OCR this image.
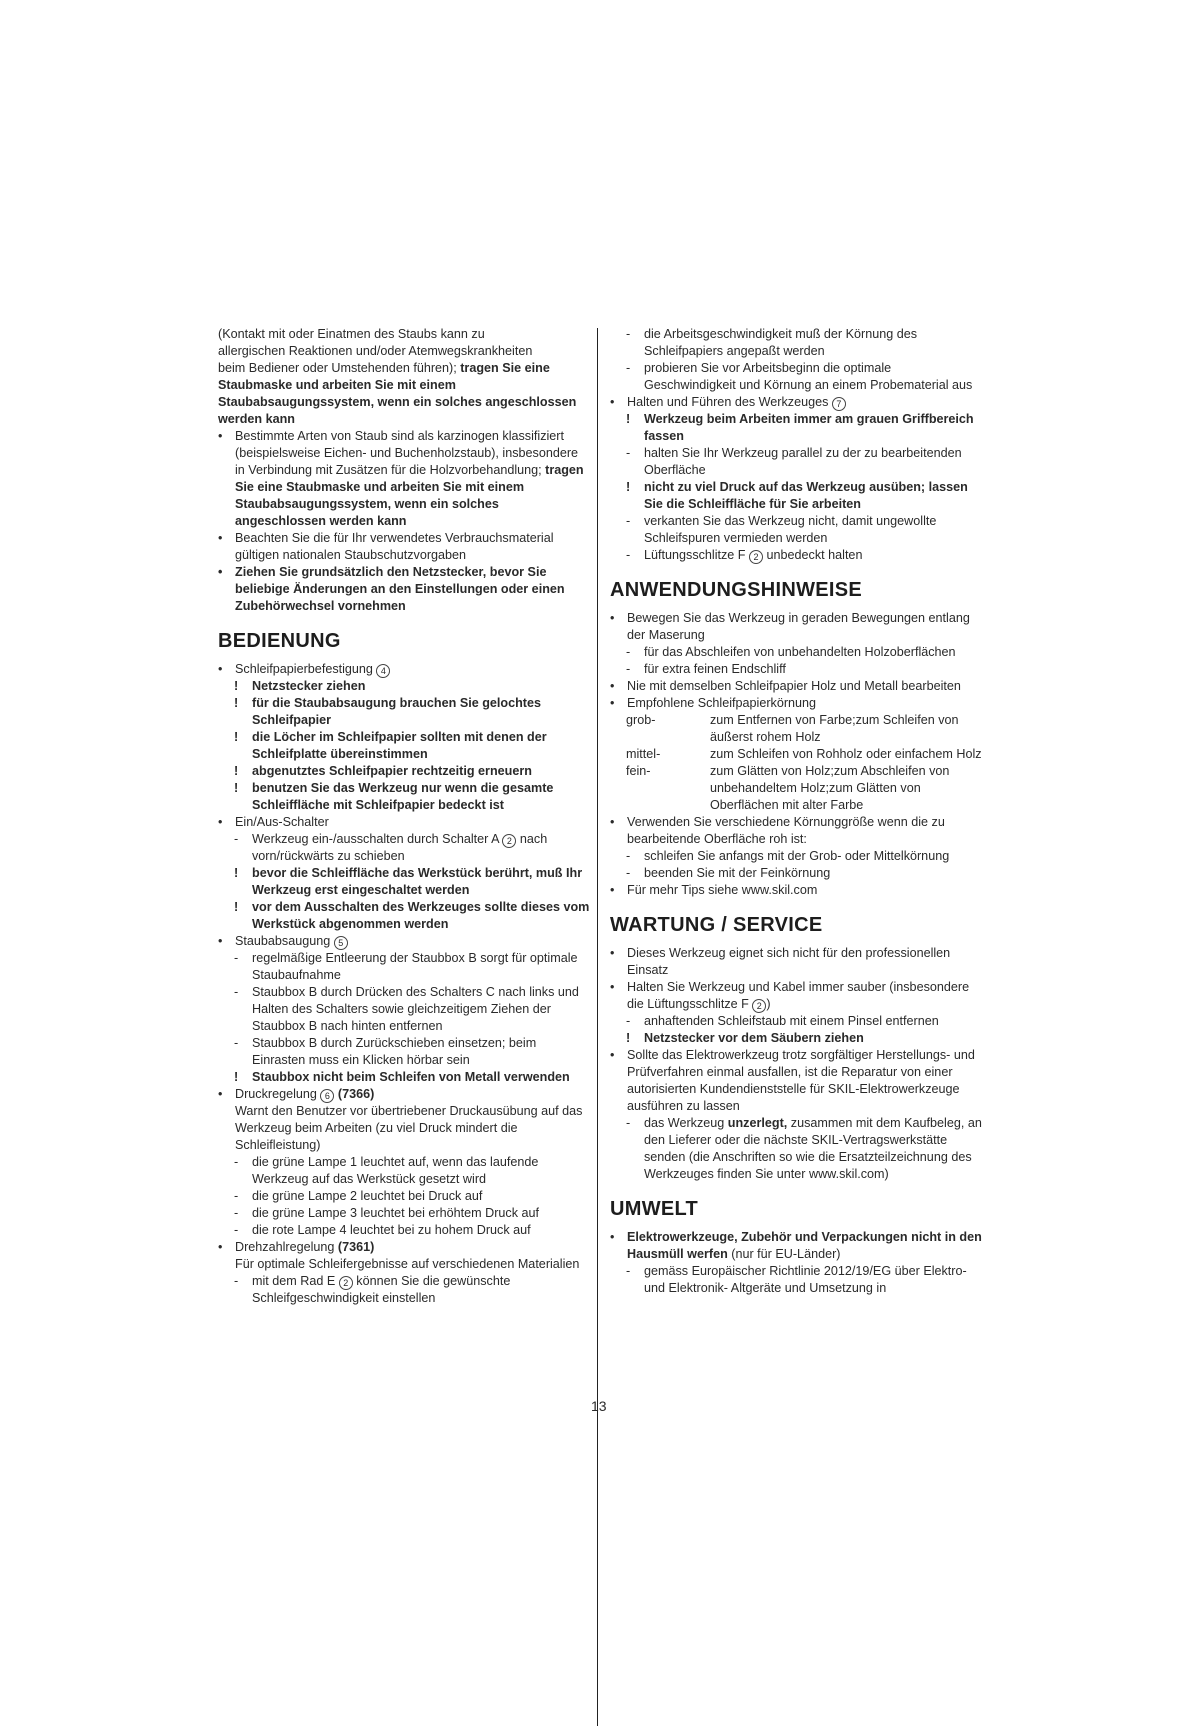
(Kontakt mit oder Einatmen des Staubs kann zu
allergischen Reaktionen und/oder Atemwegskrankheiten
beim Bediener oder Umstehenden führen); tragen Sie eine Staubmaske und arbeiten Sie mit einem Staubabsaugungssystem, wenn ein solches angeschlossen werden kann
• Bestimmte Arten von Staub sind als karzinogen klassifiziert (beispielsweise Eichen- und Buchenholzstaub), insbesondere in Verbindung mit Zusätzen für die Holzvorbehandlung; tragen Sie eine Staubmaske und arbeiten Sie mit einem Staubabsaugungssystem, wenn ein solches angeschlossen werden kann
• Beachten Sie die für Ihr verwendetes Verbrauchsmaterial gültigen nationalen Staubschutzvorgaben
• Ziehen Sie grundsätzlich den Netzstecker, bevor Sie beliebige Änderungen an den Einstellungen oder einen Zubehörwechsel vornehmen
BEDIENUNG
• Schleifpapierbefestigung 4
! Netzstecker ziehen
! für die Staubabsaugung brauchen Sie gelochtes Schleifpapier
! die Löcher im Schleifpapier sollten mit denen der Schleifplatte übereinstimmen
! abgenutztes Schleifpapier rechtzeitig erneuern
! benutzen Sie das Werkzeug nur wenn die gesamte Schleiffläche mit Schleifpapier bedeckt ist
• Ein/Aus-Schalter
- Werkzeug ein-/ausschalten durch Schalter A 2 nach vorn/rückwärts zu schieben
! bevor die Schleiffläche das Werkstück berührt, muß Ihr Werkzeug erst eingeschaltet werden
! vor dem Ausschalten des Werkzeuges sollte dieses vom Werkstück abgenommen werden
• Staubabsaugung 5
- regelmäßige Entleerung der Staubbox B sorgt für optimale Staubaufnahme
- Staubbox B durch Drücken des Schalters C nach links und Halten des Schalters sowie gleichzeitigem Ziehen der Staubbox B nach hinten entfernen
- Staubbox B durch Zurückschieben einsetzen; beim Einrasten muss ein Klicken hörbar sein
! Staubbox nicht beim Schleifen von Metall verwenden
• Druckregelung 6 (7366)
Warnt den Benutzer vor übertriebener Druckausübung auf das Werkzeug beim Arbeiten (zu viel Druck mindert die Schleifleistung)
- die grüne Lampe 1 leuchtet auf, wenn das laufende Werkzeug auf das Werkstück gesetzt wird
- die grüne Lampe 2 leuchtet bei Druck auf
- die grüne Lampe 3 leuchtet bei erhöhtem Druck auf
- die rote Lampe 4 leuchtet bei zu hohem Druck auf
• Drehzahlregelung (7361)
Für optimale Schleifergebnisse auf verschiedenen Materialien
- mit dem Rad E 2 können Sie die gewünschte Schleifgeschwindigkeit einstellen
- die Arbeitsgeschwindigkeit muß der Körnung des Schleifpapiers angepaßt werden
- probieren Sie vor Arbeitsbeginn die optimale Geschwindigkeit und Körnung an einem Probematerial aus
• Halten und Führen des Werkzeuges 7
! Werkzeug beim Arbeiten immer am grauen Griffbereich fassen
- halten Sie Ihr Werkzeug parallel zu der zu bearbeitenden Oberfläche
! nicht zu viel Druck auf das Werkzeug ausüben; lassen Sie die Schleiffläche für Sie arbeiten
- verkanten Sie das Werkzeug nicht, damit ungewollte Schleifspuren vermieden werden
- Lüftungsschlitze F 2 unbedeckt halten
ANWENDUNGSHINWEISE
• Bewegen Sie das Werkzeug in geraden Bewegungen entlang der Maserung
- für das Abschleifen von unbehandelten Holzoberflächen
- für extra feinen Endschliff
• Nie mit demselben Schleifpapier Holz und Metall bearbeiten
• Empfohlene Schleifpapierkörnung
grob-	zum Entfernen von Farbe;zum Schleifen von äußerst rohem Holz
mittel-	zum Schleifen von Rohholz oder einfachem Holz
fein-	zum Glätten von Holz;zum Abschleifen von unbehandeltem Holz;zum Glätten von Oberflächen mit alter Farbe
• Verwenden Sie verschiedene Körnunggröße wenn die zu bearbeitende Oberfläche roh ist:
- schleifen Sie anfangs mit der Grob- oder Mittelkörnung
- beenden Sie mit der Feinkörnung
• Für mehr Tips siehe www.skil.com
WARTUNG / SERVICE
• Dieses Werkzeug eignet sich nicht für den professionellen Einsatz
• Halten Sie Werkzeug und Kabel immer sauber (insbesondere die Lüftungsschlitze F 2 )
- anhaftenden Schleifstaub mit einem Pinsel entfernen
! Netzstecker vor dem Säubern ziehen
• Sollte das Elektrowerkzeug trotz sorgfältiger Herstellungs- und Prüfverfahren einmal ausfallen, ist die Reparatur von einer autorisierten Kundendienststelle für SKIL-Elektrowerkzeuge ausführen zu lassen
- das Werkzeug unzerlegt, zusammen mit dem Kaufbeleg, an den Lieferer oder die nächste SKIL-Vertragswerkstätte senden (die Anschriften so wie die Ersatzteilzeichnung des Werkzeuges finden Sie unter www.skil.com)
UMWELT
• Elektrowerkzeuge, Zubehör und Verpackungen nicht in den Hausmüll werfen (nur für EU-Länder)
- gemäss Europäischer Richtlinie 2012/19/EG über Elektro- und Elektronik- Altgeräte und Umsetzung in
13
